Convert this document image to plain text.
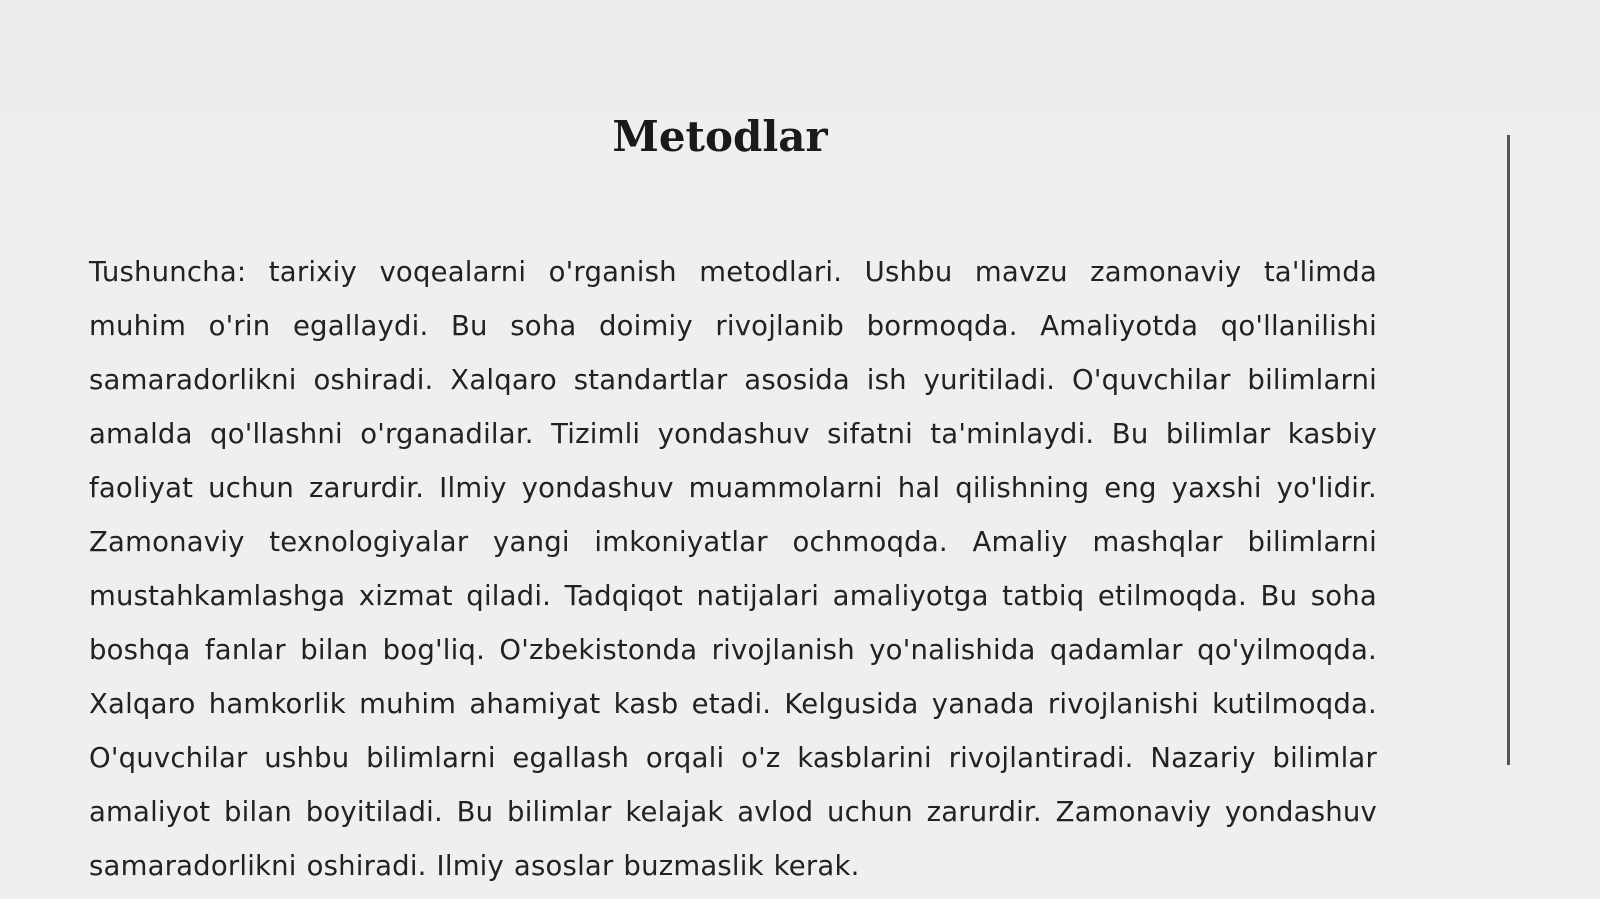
Metodlar

Tushuncha: tarixiy voqealarni o'rganish metodlari. Ushbu mavzu zamonaviy ta'limda muhim o'rin egallaydi. Bu soha doimiy rivojlanib bormoqda. Amaliyotda qo'llanilishi samaradorlikni oshiradi. Xalqaro standartlar asosida ish yuritiladi. O'quvchilar bilimlarni amalda qo'llashni o'rganadilar. Tizimli yondashuv sifatni ta'minlaydi. Bu bilimlar kasbiy faoliyat uchun zarurdir. Ilmiy yondashuv muammolarni hal qilishning eng yaxshi yo'lidir. Zamonaviy texnologiyalar yangi imkoniyatlar ochmoqda. Amaliy mashqlar bilimlarni mustahkamlashga xizmat qiladi. Tadqiqot natijalari amaliyotga tatbiq etilmoqda. Bu soha boshqa fanlar bilan bog'liq. O'zbekistonda rivojlanish yo'nalishida qadamlar qo'yilmoqda. Xalqaro hamkorlik muhim ahamiyat kasb etadi. Kelgusida yanada rivojlanishi kutilmoqda. O'quvchilar ushbu bilimlarni egallash orqali o'z kasblarini rivojlantiradi. Nazariy bilimlar amaliyot bilan boyitiladi. Bu bilimlar kelajak avlod uchun zarurdir. Zamonaviy yondashuv samaradorlikni oshiradi. Ilmiy asoslar buzmaslik kerak.
